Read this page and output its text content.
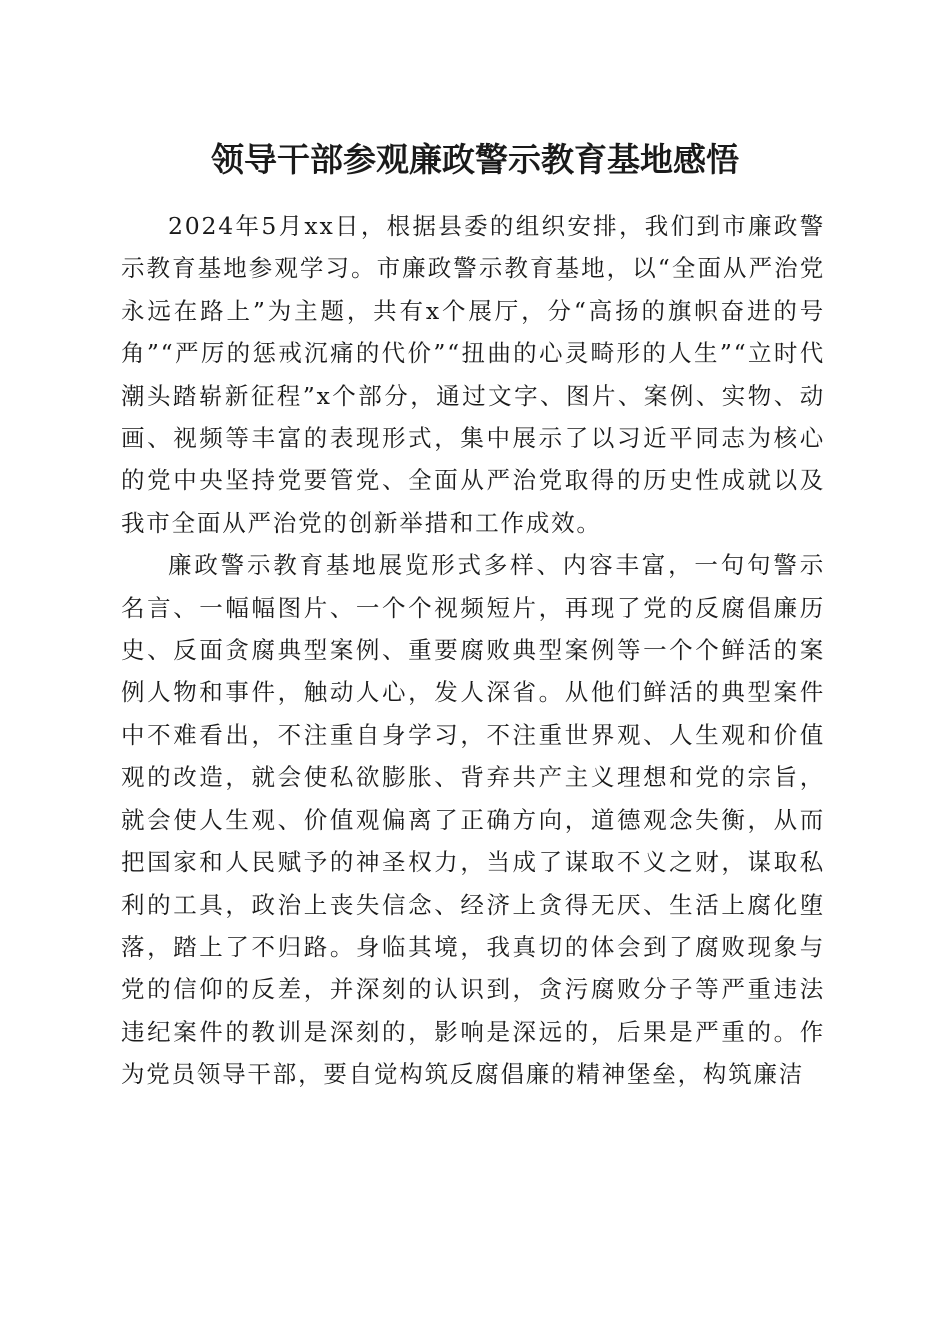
领导干部参观廉政警示教育基地感悟

2024年5月xx日，根据县委的组织安排，我们到市廉政警示教育基地参观学习。市廉政警示教育基地，以“全面从严治党永远在路上”为主题，共有x个展厅，分“高扬的旗帜奋进的号角”“严厉的惩戒沉痛的代价”“扭曲的心灵畸形的人生”“立时代潮头踏崭新征程”x个部分，通过文字、图片、案例、实物、动画、视频等丰富的表现形式，集中展示了以习近平同志为核心的党中央坚持党要管党、全面从严治党取得的历史性成就以及我市全面从严治党的创新举措和工作成效。

廉政警示教育基地展览形式多样、内容丰富，一句句警示名言、一幅幅图片、一个个视频短片，再现了党的反腐倡廉历史、反面贪腐典型案例、重要腐败典型案例等一个个鲜活的案例人物和事件，触动人心，发人深省。从他们鲜活的典型案件中不难看出，不注重自身学习，不注重世界观、人生观和价值观的改造，就会使私欲膨胀、背弃共产主义理想和党的宗旨，就会使人生观、价值观偏离了正确方向，道德观念失衡，从而把国家和人民赋予的神圣权力，当成了谋取不义之财，谋取私利的工具，政治上丧失信念、经济上贪得无厌、生活上腐化堕落，踏上了不归路。身临其境，我真切的体会到了腐败现象与党的信仰的反差，并深刻的认识到，贪污腐败分子等严重违法违纪案件的教训是深刻的，影响是深远的，后果是严重的。作为党员领导干部，要自觉构筑反腐倡廉的精神堡垒，构筑廉洁
